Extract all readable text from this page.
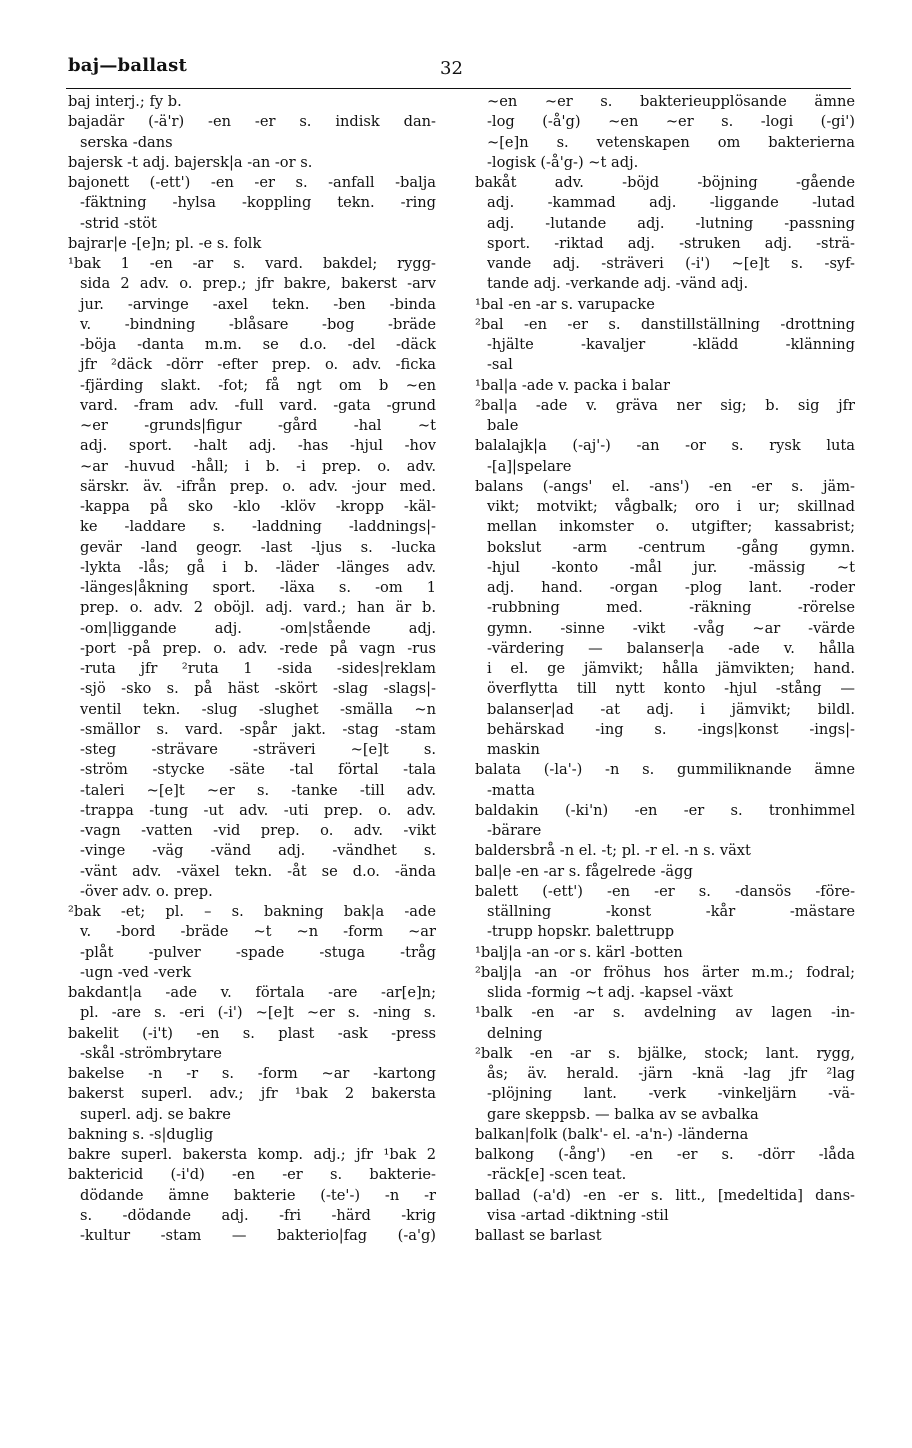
baj—ballast	32
baj interj.; fy b.
bajadär (-ä'r) -en -er s. indisk dan-
serska -dans
bajersk -t adj. bajersk|a -an -or s.
bajonett (-ett') -en -er s. -anfall -balja
-fäktning -hylsa -koppling tekn. -ring
-strid -stöt
bajrar|e -[e]n; pl. -e s. folk
¹bak 1 -en -ar s. vard. bakdel; rygg-
sida 2 adv. o. prep.; jfr bakre, bakerst -arv
jur. -arvinge -axel tekn. -ben -binda
v. -bindning -blåsare -bog -bräde
-böja -danta m.m. se d.o. -del -däck
jfr ²däck -dörr -efter prep. o. adv. -ficka
-fjärding slakt. -fot; få ngt om b ~en
vard. -fram adv. -full vard. -gata -grund
~er -grunds|figur -gård -hal ~t
adj. sport. -halt adj. -has -hjul -hov
~ar -huvud -håll; i b. -i prep. o. adv.
särskr. äv. -ifrån prep. o. adv. -jour med.
-kappa på sko -klo -klöv -kropp -käl-
ke -laddare s. -laddning -laddnings|-
gevär -land geogr. -last -ljus s. -lucka
-lykta -lås; gå i b. -läder -länges adv.
-länges|åkning sport. -läxa s. -om 1
prep. o. adv. 2 oböjl. adj. vard.; han är b.
-om|liggande adj. -om|stående adj.
-port -på prep. o. adv. -rede på vagn -rus
-ruta jfr ²ruta 1 -sida -sides|reklam
-sjö -sko s. på häst -skört -slag -slags|-
ventil tekn. -slug -slughet -smälla ~n
-smällor s. vard. -spår jakt. -stag -stam
-steg -strävare -sträveri ~[e]t s.
-ström -stycke -säte -tal förtal -tala
-taleri ~[e]t ~er s. -tanke -till adv.
-trappa -tung -ut adv. -uti prep. o. adv.
-vagn -vatten -vid prep. o. adv. -vikt
-vinge -väg -vänd adj. -vändhet s.
-vänt adv. -växel tekn. -åt se d.o. -ända
-över adv. o. prep.
²bak -et; pl. – s. bakning bak|a -ade
v. -bord -bräde ~t ~n -form ~ar
-plåt -pulver -spade -stuga -tråg
-ugn -ved -verk
bakdant|a -ade v. förtala -are -ar[e]n;
pl. -are s. -eri (-i') ~[e]t ~er s. -ning s.
bakelit (-i't) -en s. plast -ask -press
-skål -strömbrytare
bakelse -n -r s. -form ~ar -kartong
bakerst superl. adv.; jfr ¹bak 2 bakersta
superl. adj. se bakre
bakning s. -s|duglig
bakre superl. bakersta komp. adj.; jfr ¹bak 2
baktericid (-i'd) -en -er s. bakterie-
dödande ämne bakterie (-te'-) -n -r
s. -dödande adj. -fri -härd -krig
-kultur -stam — bakterio|fag (-a'g)
~en ~er s. bakterieupplösande ämne
-log (-å'g) ~en ~er s. -logi (-gi')
~[e]n s. vetenskapen om bakterierna
-logisk (-å'g-) ~t adj.
bakåt adv. -böjd -böjning -gående
adj. -kammad adj. -liggande -lutad
adj. -lutande adj. -lutning -passning
sport. -riktad adj. -struken adj. -strä-
vande adj. -sträveri (-i') ~[e]t s. -syf-
tande adj. -verkande adj. -vänd adj.
¹bal -en -ar s. varupacke
²bal -en -er s. danstillställning -drottning
-hjälte -kavaljer -klädd -klänning
-sal
¹bal|a -ade v. packa i balar
²bal|a -ade v. gräva ner sig; b. sig jfr
bale
balalajk|a (-aj'-) -an -or s. rysk luta
-[a]|spelare
balans (-angs' el. -ans') -en -er s. jäm-
vikt; motvikt; vågbalk; oro i ur; skillnad
mellan inkomster o. utgifter; kassabrist;
bokslut -arm -centrum -gång gymn.
-hjul -konto -mål jur. -mässig ~t
adj. hand. -organ -plog lant. -roder
-rubbning med. -räkning -rörelse
gymn. -sinne -vikt -våg ~ar -värde
-värdering — balanser|a -ade v. hålla
i el. ge jämvikt; hålla jämvikten; hand.
överflytta till nytt konto -hjul -stång —
balanser|ad -at adj. i jämvikt; bildl.
behärskad -ing s. -ings|konst -ings|-
maskin
balata (-la'-) -n s. gummiliknande ämne
-matta
baldakin (-ki'n) -en -er s. tronhimmel
-bärare
baldersbrå -n el. -t; pl. -r el. -n s. växt
bal|e -en -ar s. fågelrede -ägg
balett (-ett') -en -er s. -dansös -före-
ställning -konst -kår -mästare
-trupp hopskr. balettrupp
¹balj|a -an -or s. kärl -botten
²balj|a -an -or fröhus hos ärter m.m.; fodral;
slida -formig ~t adj. -kapsel -växt
¹balk -en -ar s. avdelning av lagen -in-
delning
²balk -en -ar s. bjälke, stock; lant. rygg,
ås; äv. herald. -järn -knä -lag jfr ²lag
-plöjning lant. -verk -vinkeljärn -vä-
gare skeppsb. — balka av se avbalka
balkan|folk (balk'- el. -a'n-) -länderna
balkong (-ång') -en -er s. -dörr -låda
-räck[e] -scen teat.
ballad (-a'd) -en -er s. litt., [medeltida] dans-
visa -artad -diktning -stil
ballast se barlast
